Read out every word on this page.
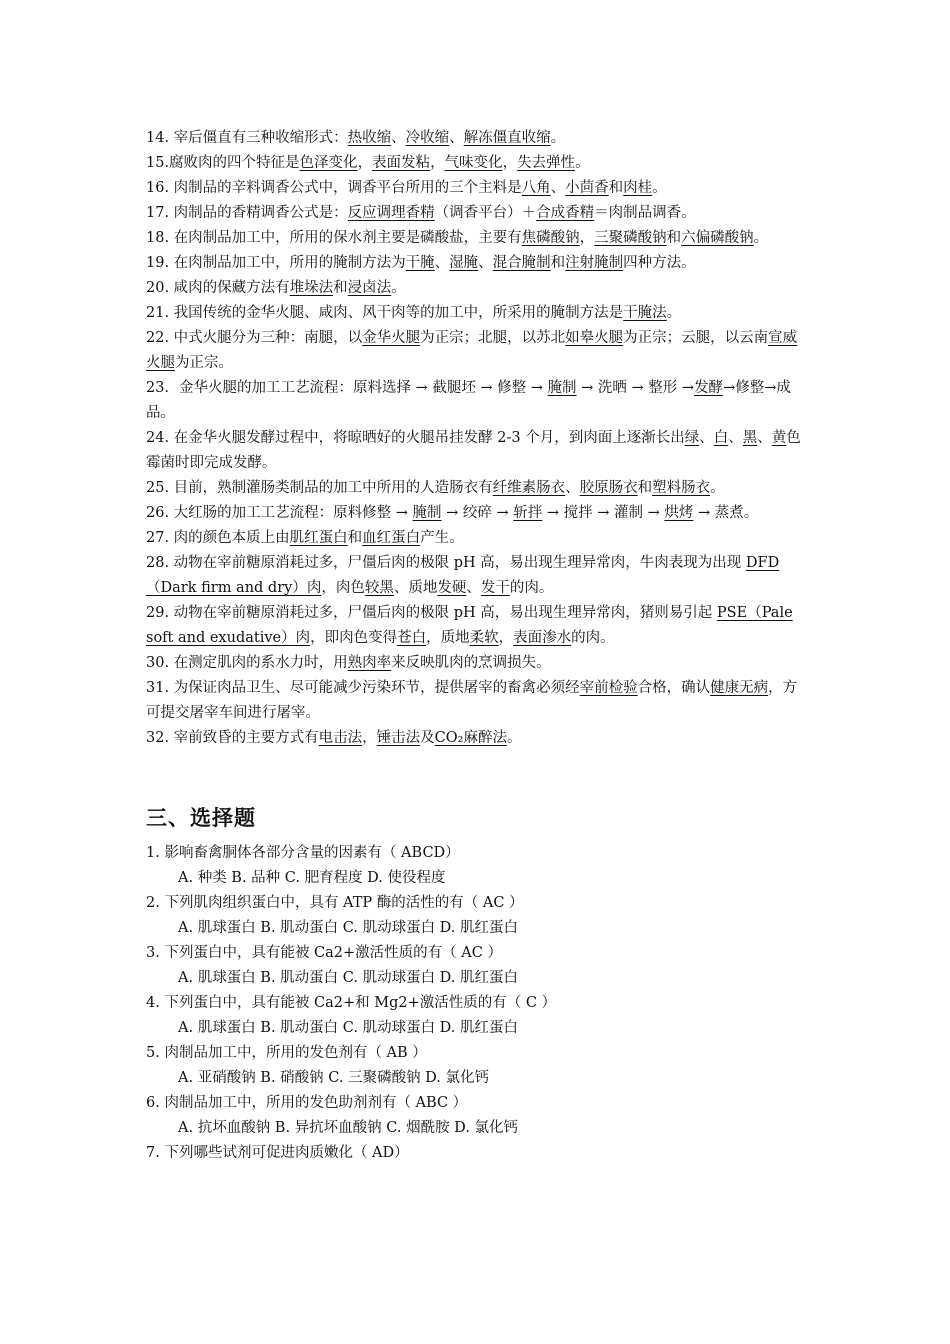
14. 宰后僵直有三种收缩形式：热收缩、冷收缩、解冻僵直收缩。

15.腐败肉的四个特征是色泽变化，表面发粘，气味变化，失去弹性。

16. 肉制品的辛料调香公式中，调香平台所用的三个主料是八角、小茴香和肉桂。

17. 肉制品的香精调香公式是：反应调理香精（调香平台）＋合成香精＝肉制品调香。

18. 在肉制品加工中，所用的保水剂主要是磷酸盐，主要有焦磷酸钠，三聚磷酸钠和六偏磷酸钠。

19. 在肉制品加工中，所用的腌制方法为干腌、湿腌、混合腌制和注射腌制四种方法。

20. 咸肉的保藏方法有堆垛法和浸卤法。

21. 我国传统的金华火腿、咸肉、风干肉等的加工中，所采用的腌制方法是干腌法。

22. 中式火腿分为三种：南腿，以金华火腿为正宗；北腿，以苏北如皋火腿为正宗；云腿，以云南宣威火腿为正宗。

23．金华火腿的加工工艺流程：原料选择 → 截腿坯 → 修整 → 腌制 → 洗晒 → 整形 →发酵→修整→成品。

24. 在金华火腿发酵过程中，将晾晒好的火腿吊挂发酵 2-3 个月，到肉面上逐渐长出绿、白、黑、黄色霉菌时即完成发酵。

25. 目前，熟制灌肠类制品的加工中所用的人造肠衣有纤维素肠衣、胶原肠衣和塑料肠衣。

26. 大红肠的加工工艺流程：原料修整 → 腌制 → 绞碎 → 斩拌 → 搅拌 → 灌制 → 烘烤 → 蒸煮。

27. 肉的颜色本质上由肌红蛋白和血红蛋白产生。

28. 动物在宰前糖原消耗过多，尸僵后肉的极限 pH 高，易出现生理异常肉，牛肉表现为出现 DFD（Dark firm and dry）肉，肉色较黑、质地发硬、发干的肉。

29. 动物在宰前糖原消耗过多，尸僵后肉的极限 pH 高，易出现生理异常肉，猪则易引起 PSE（Pale soft and exudative）肉，即肉色变得苍白，质地柔软，表面渗水的肉。

30. 在测定肌肉的系水力时，用熟肉率来反映肌肉的烹调损失。

31. 为保证肉品卫生、尽可能减少污染环节，提供屠宰的畜禽必须经宰前检验合格，确认健康无病，方可提交屠宰车间进行屠宰。

32. 宰前致昏的主要方式有电击法，锤击法及CO₂麻醉法。

三、选择题

1. 影响畜禽胴体各部分含量的因素有（ ABCD）

A. 种类 B. 品种 C. 肥育程度 D. 使役程度

2. 下列肌肉组织蛋白中，具有 ATP 酶的活性的有（ AC ）

A. 肌球蛋白 B. 肌动蛋白 C. 肌动球蛋白 D. 肌红蛋白

3. 下列蛋白中，具有能被 Ca2+激活性质的有（ AC ）

A. 肌球蛋白 B. 肌动蛋白 C. 肌动球蛋白 D. 肌红蛋白

4. 下列蛋白中，具有能被 Ca2+和 Mg2+激活性质的有（ C ）

A. 肌球蛋白 B. 肌动蛋白 C. 肌动球蛋白 D. 肌红蛋白

5. 肉制品加工中，所用的发色剂有（ AB ）

A. 亚硝酸钠 B. 硝酸钠 C. 三聚磷酸钠 D. 氯化钙

6. 肉制品加工中，所用的发色助剂剂有（ ABC ）

A. 抗坏血酸钠 B. 异抗坏血酸钠 C. 烟酰胺 D. 氯化钙

7. 下列哪些试剂可促进肉质嫩化（ AD）
